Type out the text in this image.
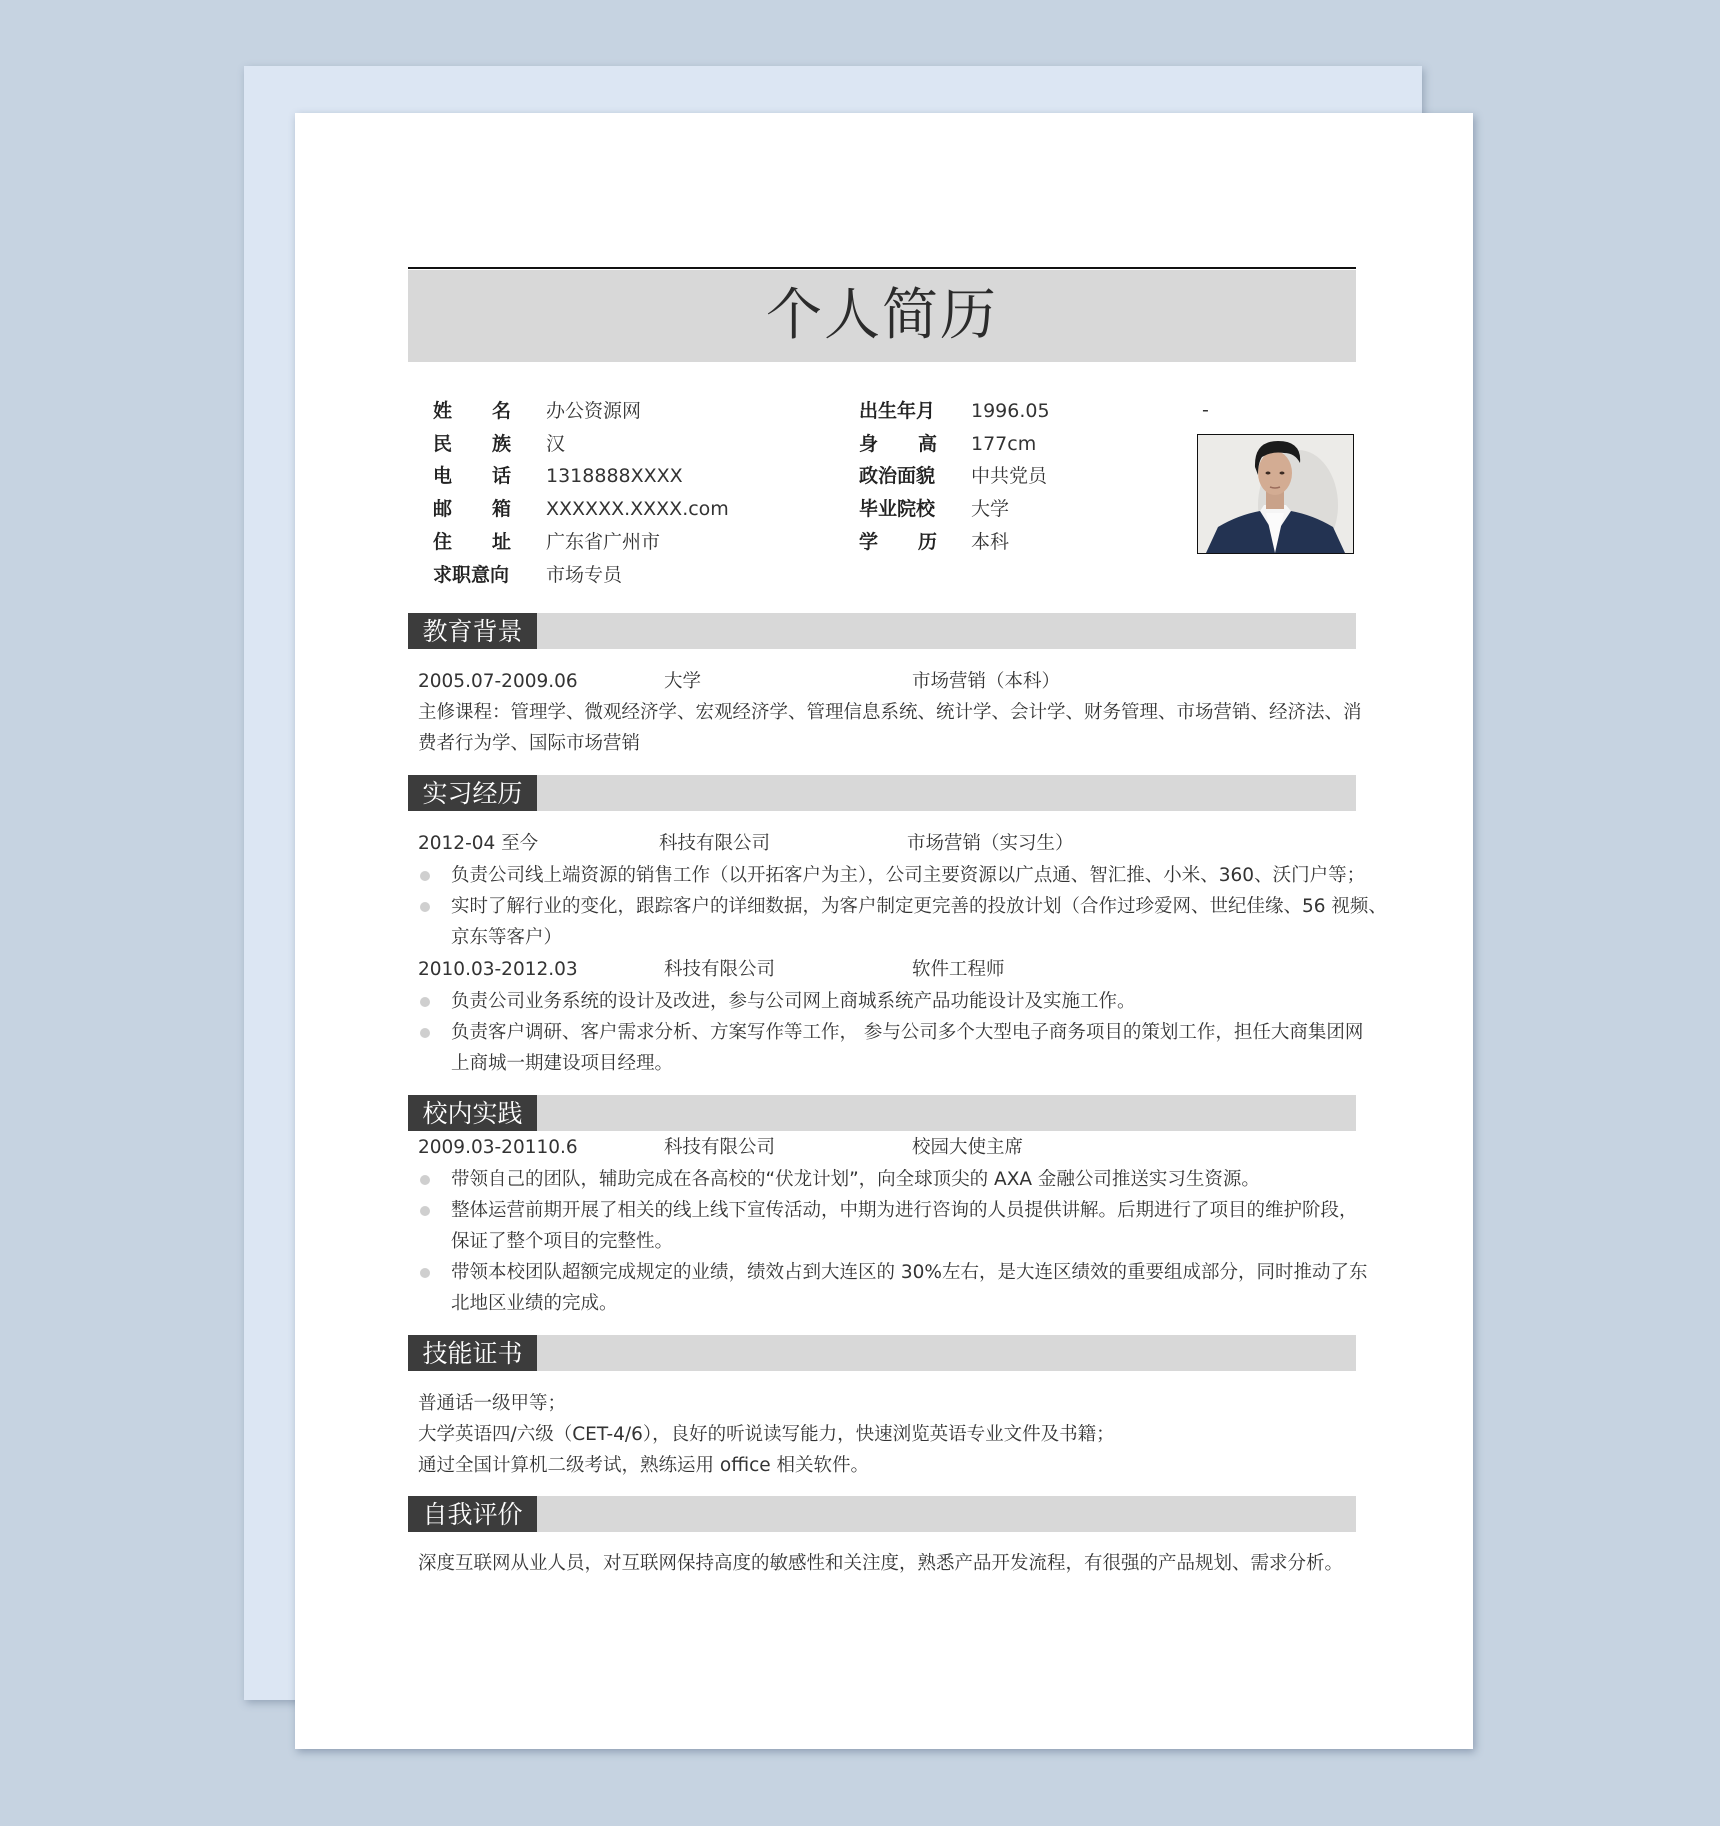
个人简历
姓 名 办公资源网
民 族 汉
电 话 1318888XXXX
邮 箱 XXXXXX.XXXX.com
住 址 广东省广州市
求职意向 市场专员
出生年月 1996.05
身 高 177cm
政治面貌 中共党员
毕业院校 大学
学 历 本科
-
教育背景
2005.07-2009.06	大学	市场营销（本科）
主修课程：管理学、微观经济学、宏观经济学、管理信息系统、统计学、会计学、财务管理、市场营销、经济法、消
费者行为学、国际市场营销
实习经历
2012-04 至今	科技有限公司	市场营销（实习生）
负责公司线上端资源的销售工作（以开拓客户为主），公司主要资源以广点通、智汇推、小米、360、沃门户等；
实时了解行业的变化，跟踪客户的详细数据，为客户制定更完善的投放计划（合作过珍爱网、世纪佳缘、56 视频、
京东等客户）
2010.03-2012.03	科技有限公司	软件工程师
负责公司业务系统的设计及改进，参与公司网上商城系统产品功能设计及实施工作。
负责客户调研、客户需求分析、方案写作等工作， 参与公司多个大型电子商务项目的策划工作，担任大商集团网
上商城一期建设项目经理。
校内实践
2009.03-20110.6	科技有限公司	校园大使主席
带领自己的团队，辅助完成在各高校的“伏龙计划”，向全球顶尖的 AXA 金融公司推送实习生资源。
整体运营前期开展了相关的线上线下宣传活动，中期为进行咨询的人员提供讲解。后期进行了项目的维护阶段，
保证了整个项目的完整性。
带领本校团队超额完成规定的业绩，绩效占到大连区的 30%左右，是大连区绩效的重要组成部分，同时推动了东
北地区业绩的完成。
技能证书
普通话一级甲等；
大学英语四/六级（CET-4/6），良好的听说读写能力，快速浏览英语专业文件及书籍；
通过全国计算机二级考试，熟练运用 office 相关软件。
自我评价
深度互联网从业人员，对互联网保持高度的敏感性和关注度，熟悉产品开发流程，有很强的产品规划、需求分析。
